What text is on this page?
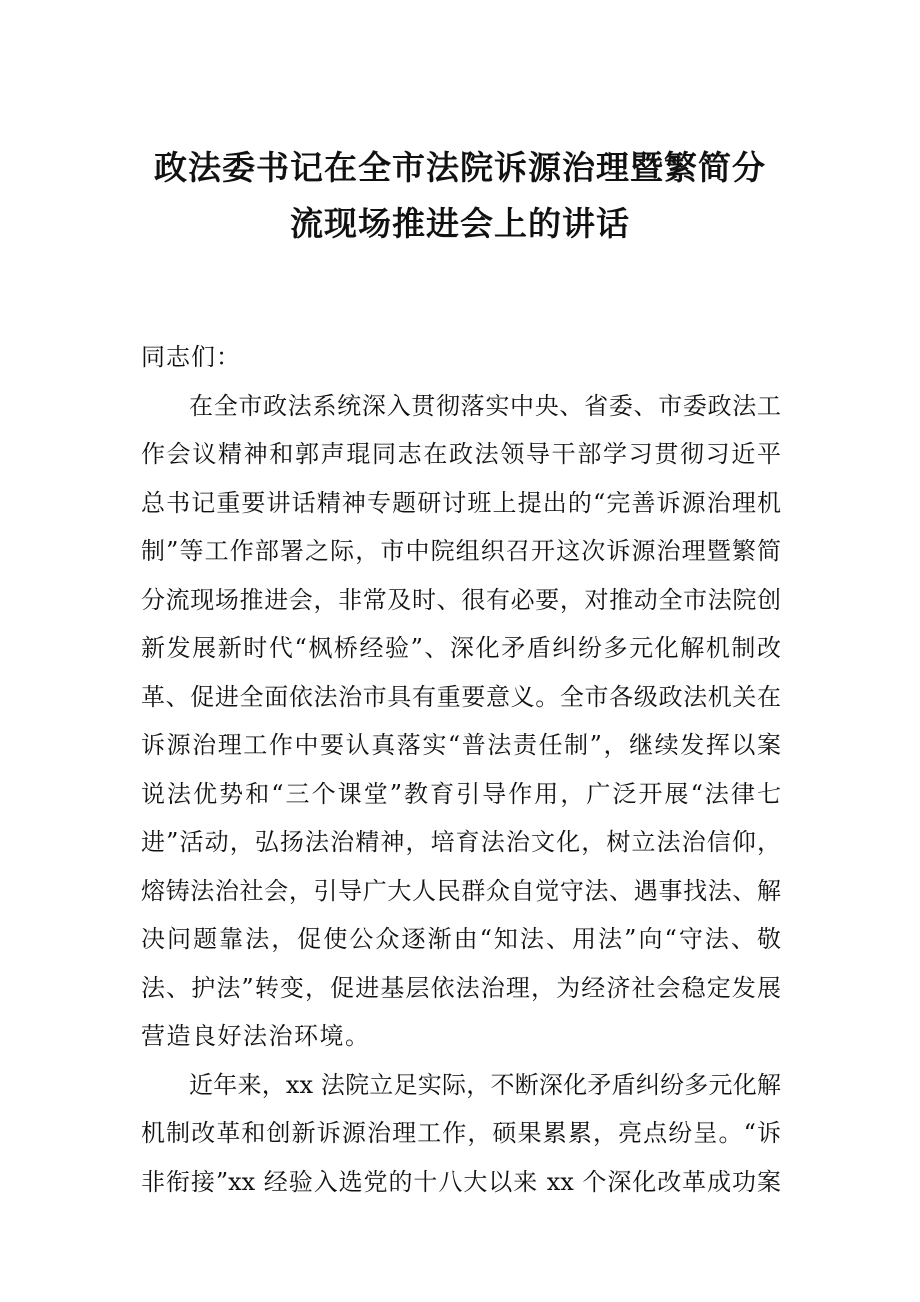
政法委书记在全市法院诉源治理暨繁简分
流现场推进会上的讲话
同志们：
在全市政法系统深入贯彻落实中央、省委、市委政法工
作会议精神和郭声琨同志在政法领导干部学习贯彻习近平
总书记重要讲话精神专题研讨班上提出的“完善诉源治理机
制”等工作部署之际，市中院组织召开这次诉源治理暨繁简
分流现场推进会，非常及时、很有必要，对推动全市法院创
新发展新时代“枫桥经验”、深化矛盾纠纷多元化解机制改
革、促进全面依法治市具有重要意义。全市各级政法机关在
诉源治理工作中要认真落实“普法责任制”，继续发挥以案
说法优势和“三个课堂”教育引导作用，广泛开展“法律七
进”活动，弘扬法治精神，培育法治文化，树立法治信仰，
熔铸法治社会，引导广大人民群众自觉守法、遇事找法、解
决问题靠法，促使公众逐渐由“知法、用法”向“守法、敬
法、护法”转变，促进基层依法治理，为经济社会稳定发展
营造良好法治环境。
近年来，xx 法院立足实际，不断深化矛盾纠纷多元化解
机制改革和创新诉源治理工作，硕果累累，亮点纷呈。“诉
非衔接”xx 经验入选党的十八大以来 xx 个深化改革成功案
